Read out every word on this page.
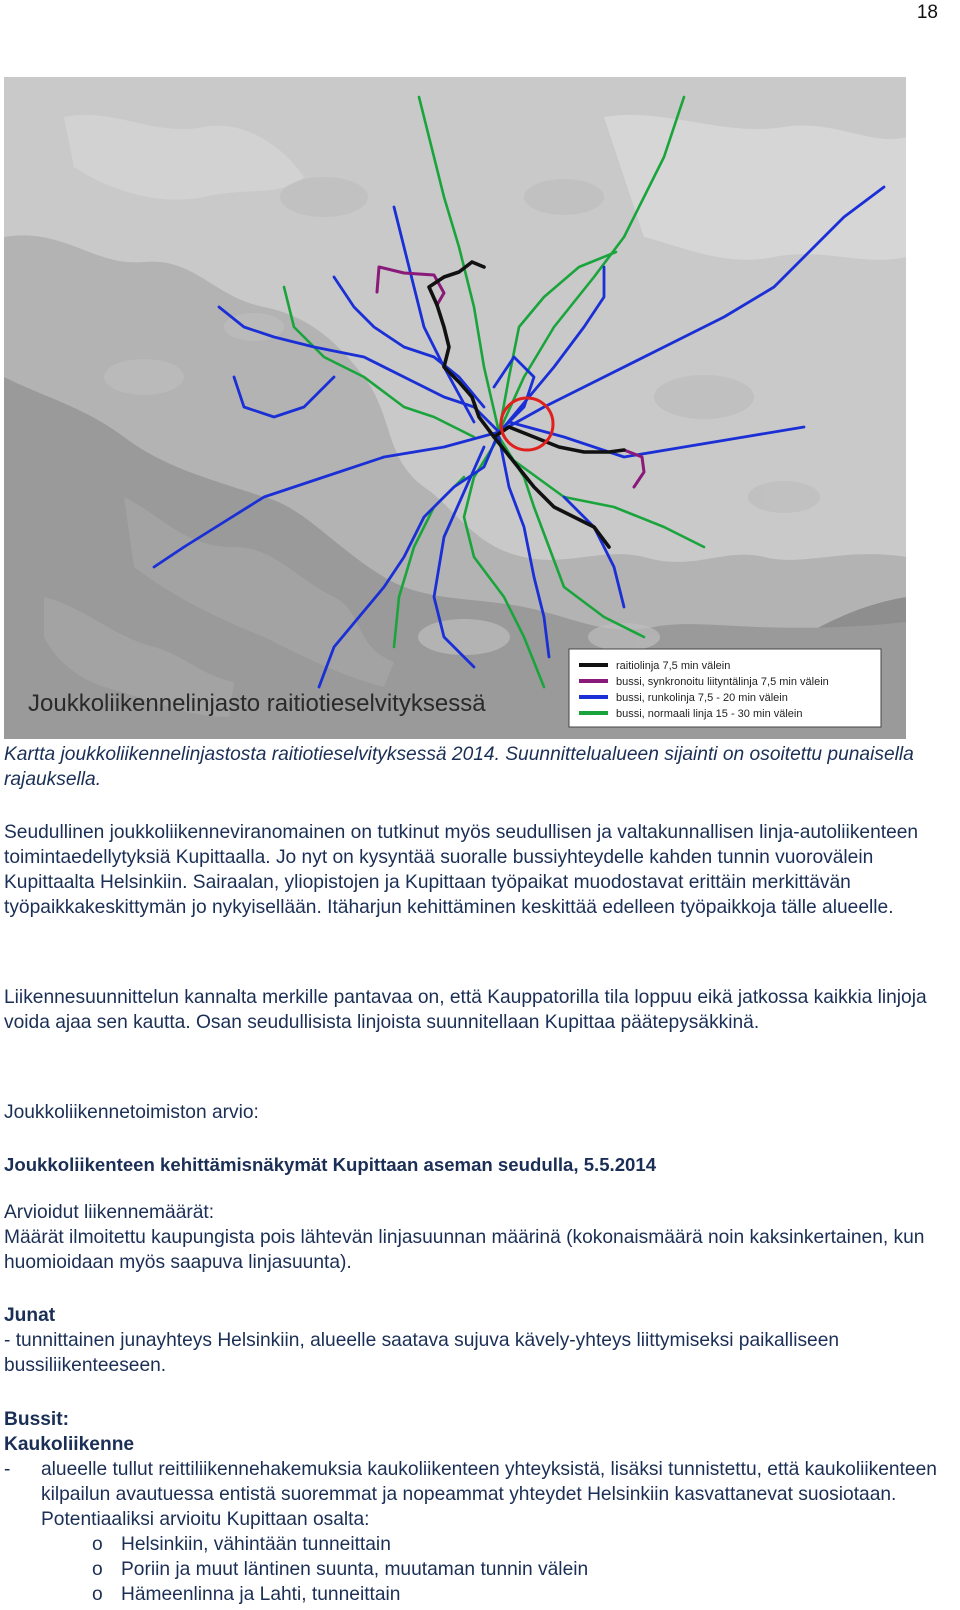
18
raitiolinja 7,5 min välein
bussi, synkronoitu liityntälinja 7,5 min välein
bussi, runkolinja 7,5 - 20 min välein
bussi, normaali linja 15 - 30 min välein
Joukkoliikennelinjasto raitiotieselvityksessä
Kartta joukkoliikennelinjastosta raitiotieselvityksessä 2014. Suunnittelualueen sijainti on osoitettu punaisella rajauksella.
Seudullinen joukkoliikenneviranomainen on tutkinut myös seudullisen ja valtakunnallisen linja-autoliikenteen toimintaedellytyksiä Kupittaalla. Jo nyt on kysyntää suoralle bussiyhteydelle kahden tunnin vuorovälein Kupittaalta Helsinkiin. Sairaalan, yliopistojen ja Kupittaan työpaikat muodostavat erittäin merkittävän työpaikkakeskittymän jo nykyisellään. Itäharjun kehittäminen keskittää edelleen työpaikkoja tälle alueelle.
Liikennesuunnittelun kannalta merkille pantavaa on, että Kauppatorilla tila loppuu eikä jatkossa kaikkia linjoja voida ajaa sen kautta. Osan seudullisista linjoista suunnitellaan Kupittaa päätepysäkkinä.
Joukkoliikennetoimiston arvio:
Joukkoliikenteen kehittämisnäkymät Kupittaan aseman seudulla, 5.5.2014
Arvioidut liikennemäärät:
Määrät ilmoitettu kaupungista pois lähtevän linjasuunnan määrinä (kokonaismäärä noin kaksinkertainen, kun huomioidaan myös saapuva linjasuunta).
Junat
- tunnittainen junayhteys Helsinkiin, alueelle saatava sujuva kävely-yhteys liittymiseksi paikalliseen bussiliikenteeseen.
Bussit:
Kaukoliikenne
- alueelle tullut reittiliikennehakemuksia kaukoliikenteen yhteyksistä, lisäksi tunnistettu, että kaukoliikenteen kilpailun avautuessa entistä suoremmat ja nopeammat yhteydet Helsinkiin kasvattanevat suosiotaan. Potentiaaliksi arvioitu Kupittaan osalta:
o Helsinkiin, vähintään tunneittain
o Poriin ja muut läntinen suunta, muutaman tunnin välein
o Hämeenlinna ja Lahti, tunneittain
